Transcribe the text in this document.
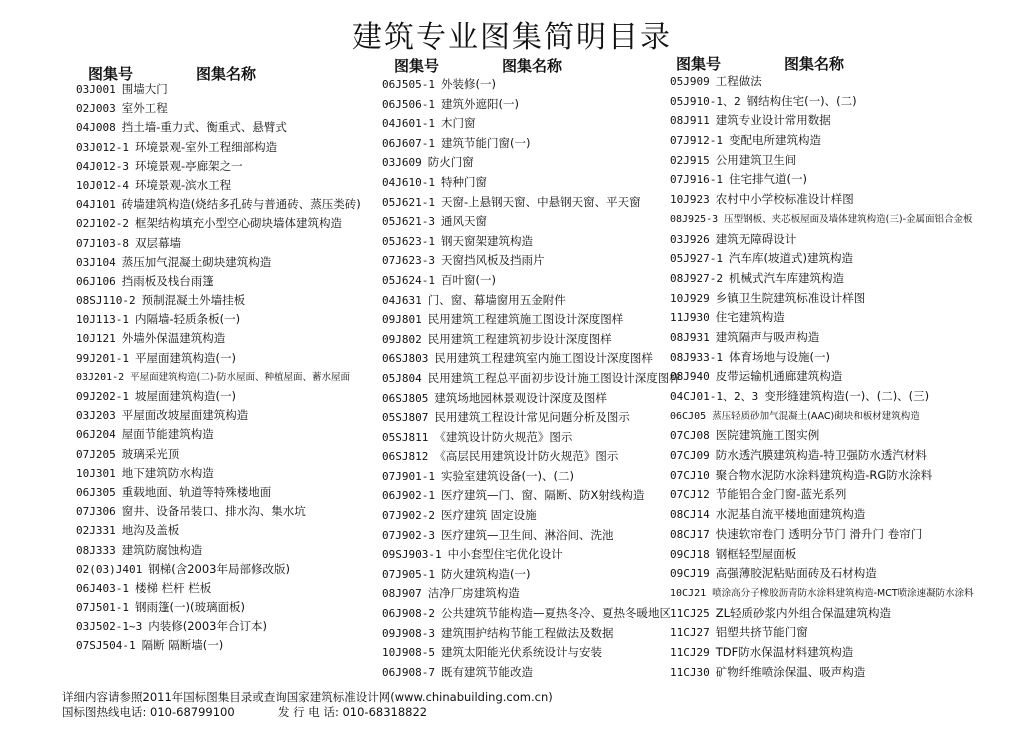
建筑专业图集简明目录
图集号	图集名称
03J001 围墙大门
02J003 室外工程
04J008 挡土墙-重力式、衡重式、悬臂式
03J012-1 环境景观-室外工程细部构造
04J012-3 环境景观-亭廊架之一
10J012-4 环境景观-滨水工程
04J101 砖墙建筑构造(烧结多孔砖与普通砖、蒸压类砖)
02J102-2 框架结构填充小型空心砌块墙体建筑构造
07J103-8 双层幕墙
03J104 蒸压加气混凝土砌块建筑构造
06J106 挡雨板及栈台雨篷
08SJ110-2 预制混凝土外墙挂板
10J113-1 内隔墙-轻质条板(一)
10J121 外墙外保温建筑构造
99J201-1 平屋面建筑构造(一)
03J201-2 平屋面建筑构造(二)-防水屋面、种植屋面、蓄水屋面
09J202-1 坡屋面建筑构造(一)
03J203 平屋面改坡屋面建筑构造
06J204 屋面节能建筑构造
07J205 玻璃采光顶
10J301 地下建筑防水构造
06J305 重载地面、轨道等特殊楼地面
07J306 窗井、设备吊装口、排水沟、集水坑
02J331 地沟及盖板
08J333 建筑防腐蚀构造
02(03)J401 钢梯(含2003年局部修改版)
06J403-1 楼梯 栏杆 栏板
07J501-1 钢雨篷(一)(玻璃面板)
03J502-1~3 内装修(2003年合订本)
07SJ504-1 隔断 隔断墙(一)
图集号	图集名称
06J505-1 外装修(一)
06J506-1 建筑外遮阳(一)
04J601-1 木门窗
06J607-1 建筑节能门窗(一)
03J609 防火门窗
04J610-1 特种门窗
05J621-1 天窗-上悬钢天窗、中悬钢天窗、平天窗
05J621-3 通风天窗
05J623-1 钢天窗架建筑构造
07J623-3 天窗挡风板及挡雨片
05J624-1 百叶窗(一)
04J631 门、窗、幕墙窗用五金附件
09J801 民用建筑工程建筑施工图设计深度图样
09J802 民用建筑工程建筑初步设计深度图样
06SJ803 民用建筑工程建筑室内施工图设计深度图样
05J804 民用建筑工程总平面初步设计施工图设计深度图样
06SJ805 建筑场地园林景观设计深度及图样
05SJ807 民用建筑工程设计常见问题分析及图示
05SJ811 《建筑设计防火规范》图示
06SJ812 《高层民用建筑设计防火规范》图示
07J901-1 实验室建筑设备(一)、(二)
06J902-1 医疗建筑—门、窗、隔断、防X射线构造
07J902-2 医疗建筑 固定设施
07J902-3 医疗建筑—卫生间、淋浴间、洗池
09SJ903-1 中小套型住宅优化设计
07J905-1 防火建筑构造(一)
08J907 洁净厂房建筑构造
06J908-2 公共建筑节能构造—夏热冬冷、夏热冬暖地区
09J908-3 建筑围护结构节能工程做法及数据
10J908-5 建筑太阳能光伏系统设计与安装
06J908-7 既有建筑节能改造
图集号	图集名称
05J909 工程做法
05J910-1、2 钢结构住宅(一)、(二)
08J911 建筑专业设计常用数据
07J912-1 变配电所建筑构造
02J915 公用建筑卫生间
07J916-1 住宅排气道(一)
10J923 农村中小学校标准设计样图
08J925-3 压型钢板、夹芯板屋面及墙体建筑构造(三)-金属面铝合金板
03J926 建筑无障碍设计
05J927-1 汽车库(坡道式)建筑构造
08J927-2 机械式汽车库建筑构造
10J929 乡镇卫生院建筑标准设计样图
11J930 住宅建筑构造
08J931 建筑隔声与吸声构造
08J933-1 体育场地与设施(一)
08J940 皮带运输机通廊建筑构造
04CJ01-1、2、3 变形缝建筑构造(一)、(二)、(三)
06CJ05 蒸压轻质砂加气混凝土(AAC)砌块和板材建筑构造
07CJ08 医院建筑施工图实例
07CJ09 防水透汽膜建筑构造-特卫强防水透汽材料
07CJ10 聚合物水泥防水涂料建筑构造-RG防水涂料
07CJ12 节能铝合金门窗-蓝光系列
08CJ14 水泥基自流平楼地面建筑构造
08CJ17 快速软帘卷门 透明分节门 滑升门 卷帘门
09CJ18 钢框轻型屋面板
09CJ19 高强薄胶泥粘贴面砖及石材构造
10CJ21 喷涂高分子橡胶沥青防水涂料建筑构造-MCT喷涂速凝防水涂料
11CJ25 ZL轻质砂浆内外组合保温建筑构造
11CJ27 铝塑共挤节能门窗
11CJ29 TDF防水保温材料建筑构造
11CJ30 矿物纤维喷涂保温、吸声构造
详细内容请参照2011年国标图集目录或查询国家建筑标准设计网(www.chinabuilding.com.cn)
国标图热线电话: 010-68799100	发 行 电 话: 010-68318822
